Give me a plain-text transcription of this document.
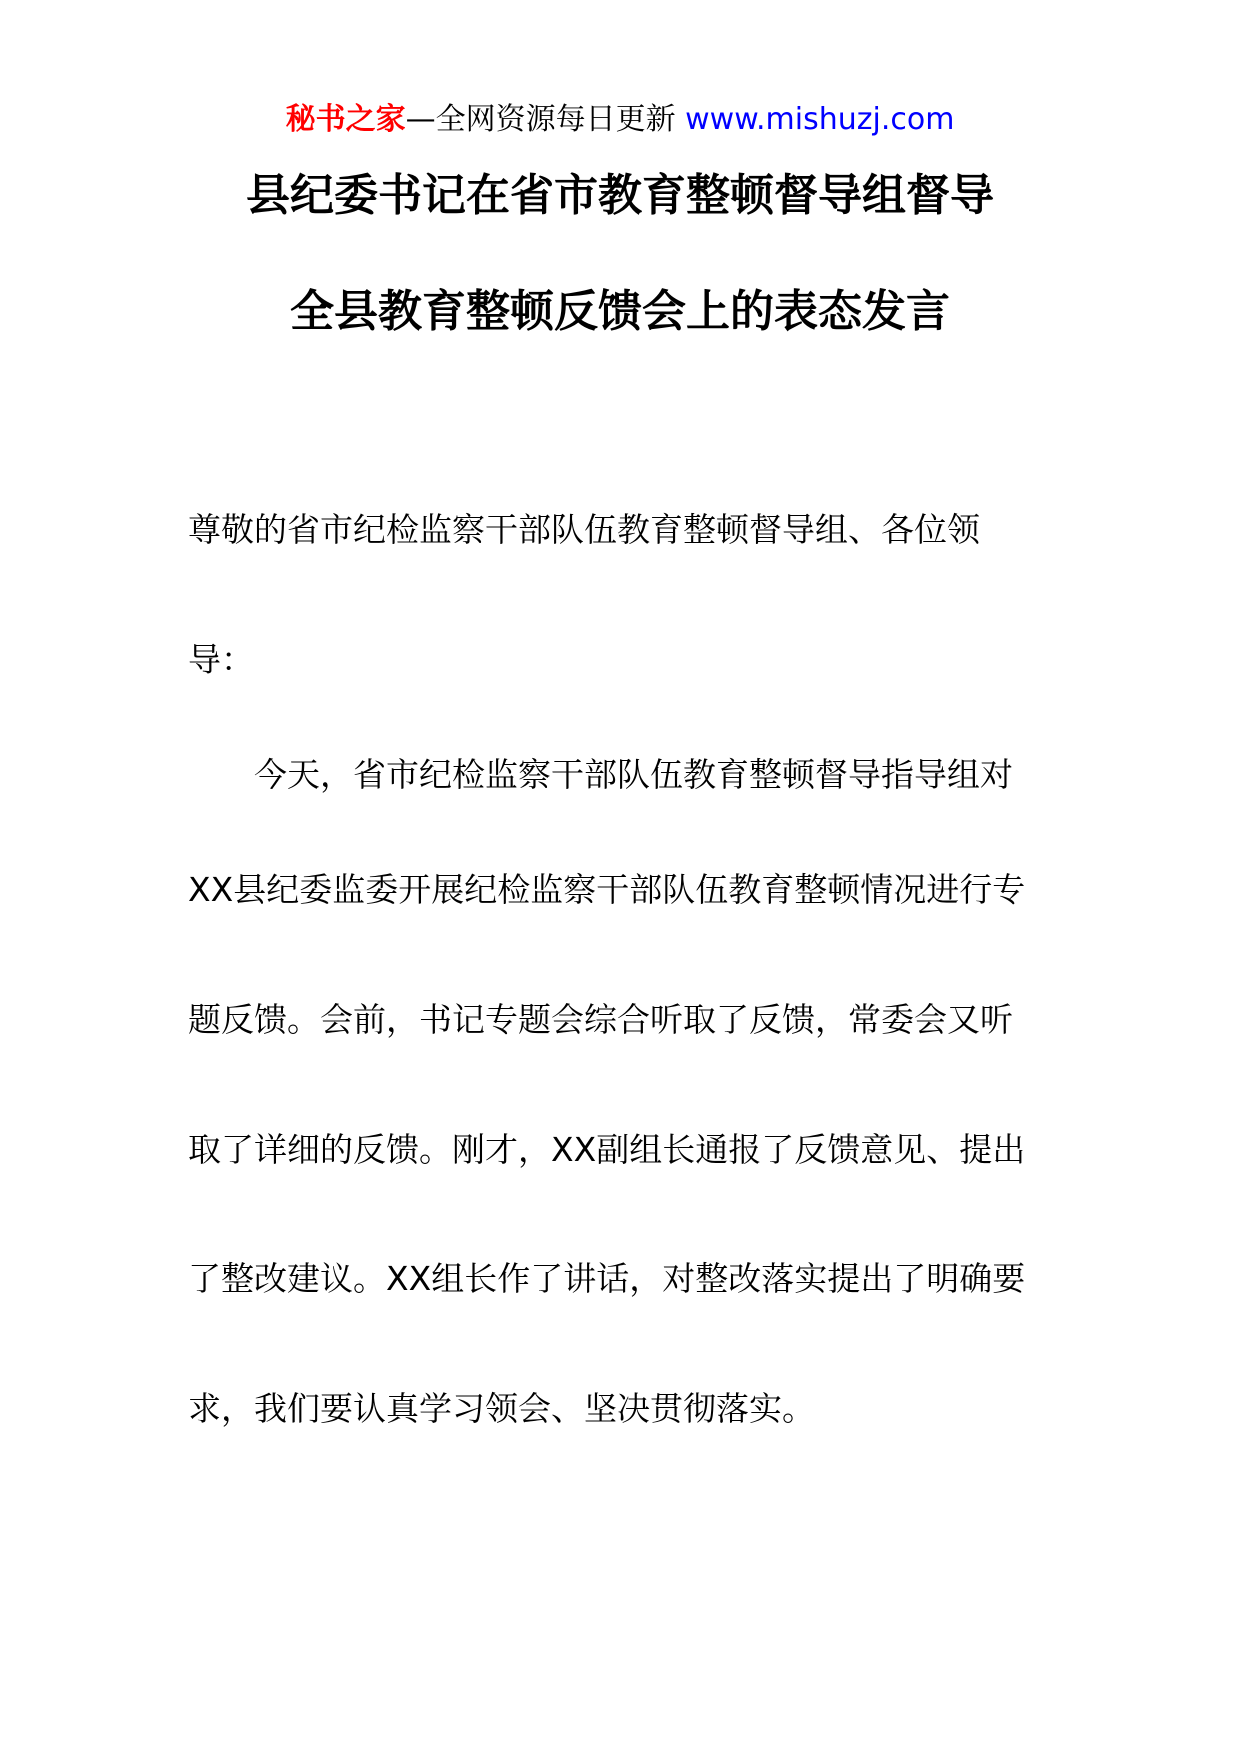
秘书之家—全网资源每日更新 www.mishuzj.com
县纪委书记在省市教育整顿督导组督导
全县教育整顿反馈会上的表态发言
尊敬的省市纪检监察干部队伍教育整顿督导组、各位领
导：
今天，省市纪检监察干部队伍教育整顿督导指导组对
XX县纪委监委开展纪检监察干部队伍教育整顿情况进行专
题反馈。会前，书记专题会综合听取了反馈，常委会又听
取了详细的反馈。刚才，XX副组长通报了反馈意见、提出
了整改建议。XX组长作了讲话，对整改落实提出了明确要
求，我们要认真学习领会、坚决贯彻落实。
